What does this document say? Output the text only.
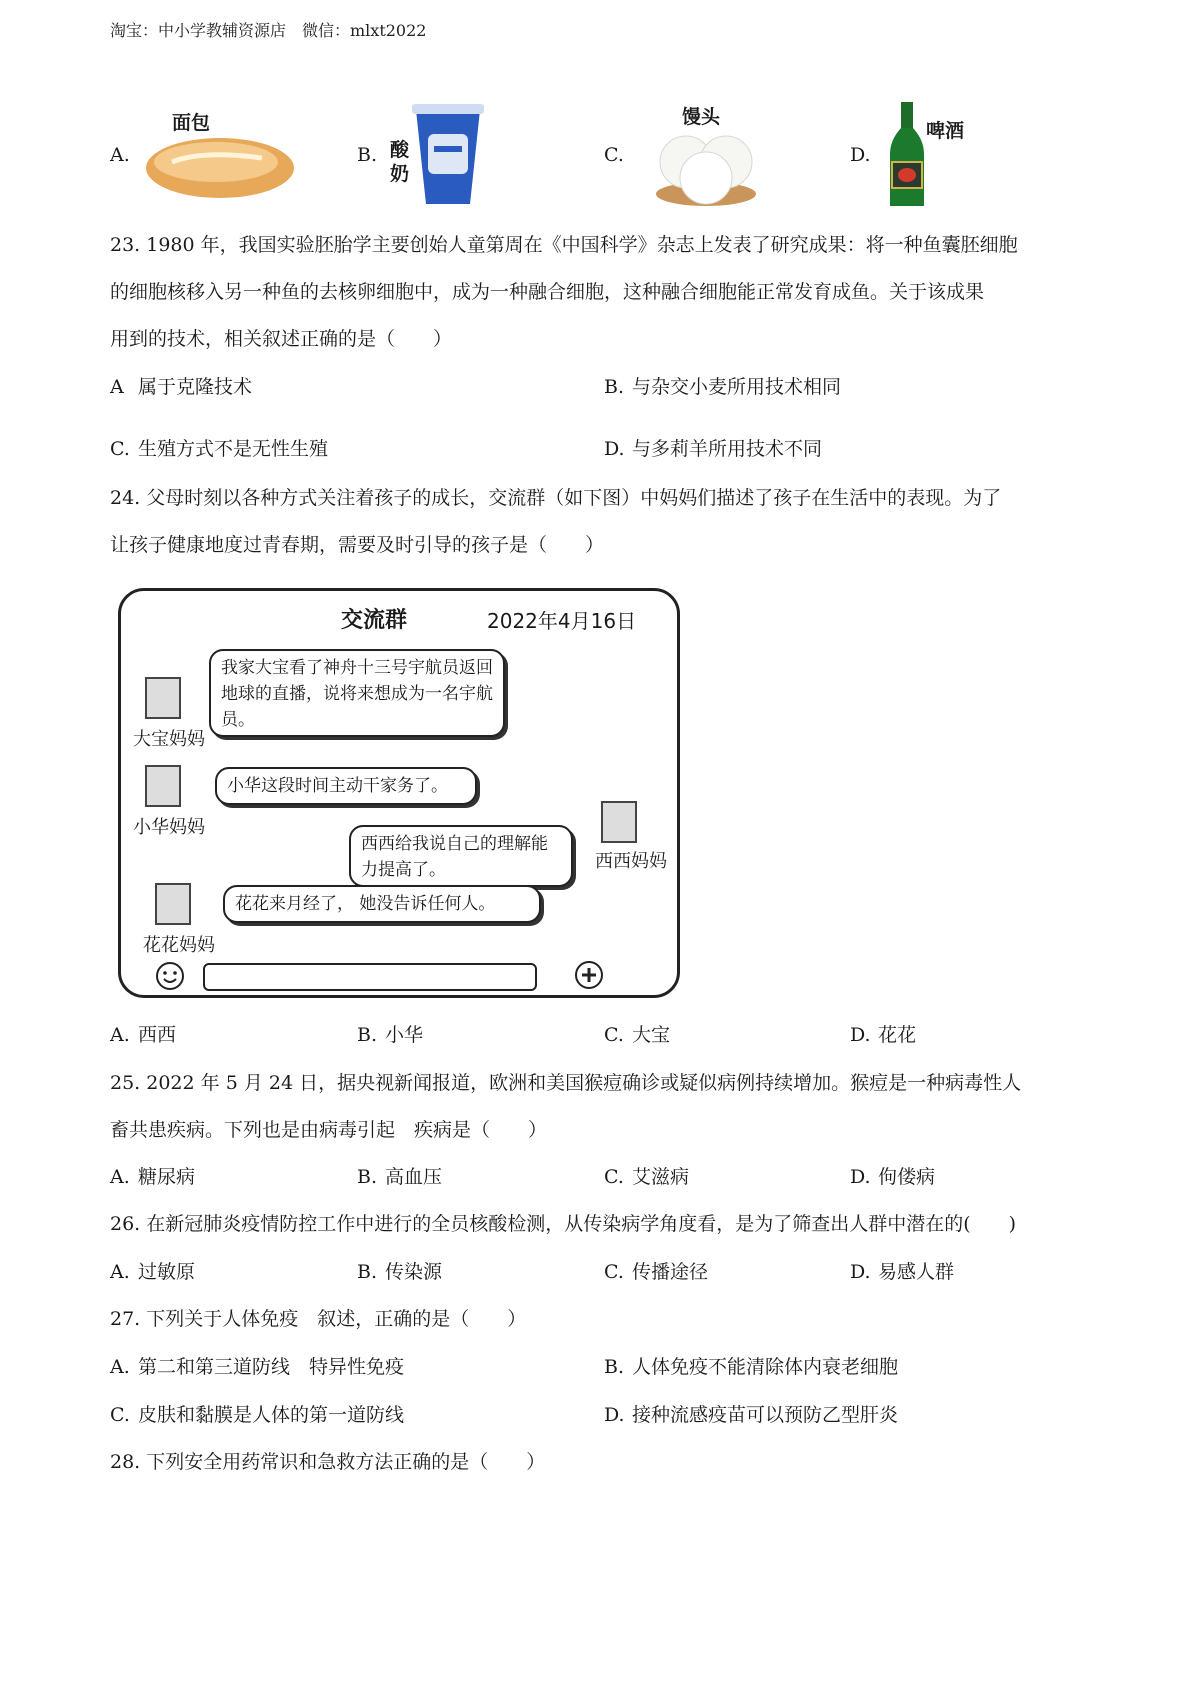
淘宝：中小学教辅资源店　微信：mlxt2022
A.
面包
B. 酸奶
C.
馒头
D.
啤酒
23. 1980 年，我国实验胚胎学主要创始人童第周在《中国科学》杂志上发表了研究成果：将一种鱼囊胚细胞
的细胞核移入另一种鱼的去核卵细胞中，成为一种融合细胞，这种融合细胞能正常发育成鱼。关于该成果
用到的技术，相关叙述正确的是（　　）
A 属于克隆技术	B. 与杂交小麦所用技术相同
C. 生殖方式不是无性生殖	D. 与多莉羊所用技术不同
24. 父母时刻以各种方式关注着孩子的成长，交流群（如下图）中妈妈们描述了孩子在生活中的表现。为了
让孩子健康地度过青春期，需要及时引导的孩子是（　　）
交流群	2022年4月16日
我家大宝看了神舟十三号宇航员返回地球的直播，说将来想成为一名宇航员。
大宝妈妈
小华这段时间主动干家务了。
小华妈妈
西西给我说自己的理解能力提高了。	西西妈妈
花花来月经了， 她没告诉任何人。
花花妈妈
A. 西西	B. 小华	C. 大宝	D. 花花
25. 2022 年 5 月 24 日，据央视新闻报道，欧洲和美国猴痘确诊或疑似病例持续增加。猴痘是一种病毒性人
畜共患疾病。下列也是由病毒引起　疾病是（　　）
A. 糖尿病	B. 高血压	C. 艾滋病	D. 佝偻病
26. 在新冠肺炎疫情防控工作中进行的全员核酸检测，从传染病学角度看，是为了筛查出人群中潜在的(　　)
A. 过敏原	B. 传染源	C. 传播途径	D. 易感人群
27. 下列关于人体免疫　叙述，正确的是（　　）
A. 第二和第三道防线　特异性免疫	B. 人体免疫不能清除体内衰老细胞
C. 皮肤和黏膜是人体的第一道防线	D. 接种流感疫苗可以预防乙型肝炎
28. 下列安全用药常识和急救方法正确的是（　　）
